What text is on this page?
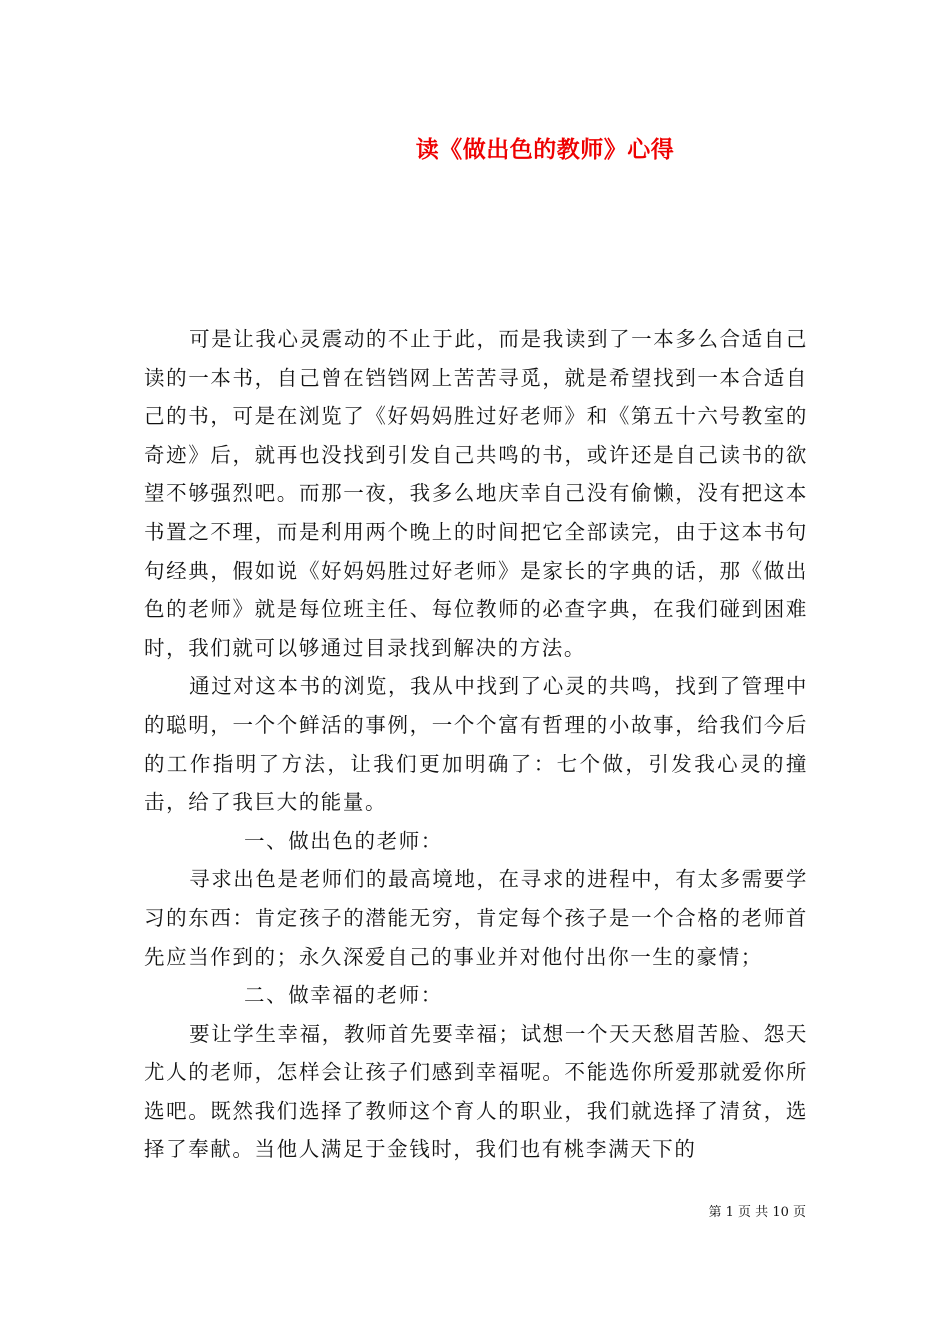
读《做出色的教师》心得

可是让我心灵震动的不止于此，而是我读到了一本多么合适自己读的一本书，自己曾在铛铛网上苦苦寻觅，就是希望找到一本合适自己的书，可是在浏览了《好妈妈胜过好老师》和《第五十六号教室的奇迹》后，就再也没找到引发自己共鸣的书，或许还是自己读书的欲望不够强烈吧。而那一夜，我多么地庆幸自己没有偷懒，没有把这本书置之不理，而是利用两个晚上的时间把它全部读完，由于这本书句句经典，假如说《好妈妈胜过好老师》是家长的字典的话，那《做出色的老师》就是每位班主任、每位教师的必查字典，在我们碰到困难时，我们就可以够通过目录找到解决的方法。

通过对这本书的浏览，我从中找到了心灵的共鸣，找到了管理中的聪明，一个个鲜活的事例，一个个富有哲理的小故事，给我们今后的工作指明了方法，让我们更加明确了：七个做，引发我心灵的撞击，给了我巨大的能量。

一、做出色的老师：

寻求出色是老师们的最高境地，在寻求的进程中，有太多需要学习的东西：肯定孩子的潜能无穷，肯定每个孩子是一个合格的老师首先应当作到的；永久深爱自己的事业并对他付出你一生的豪情；

二、做幸福的老师：

要让学生幸福，教师首先要幸福；试想一个天天愁眉苦脸、怨天尤人的老师，怎样会让孩子们感到幸福呢。不能选你所爱那就爱你所选吧。既然我们选择了教师这个育人的职业，我们就选择了清贫，选择了奉献。当他人满足于金钱时，我们也有桃李满天下的

第 1 页 共 10 页
